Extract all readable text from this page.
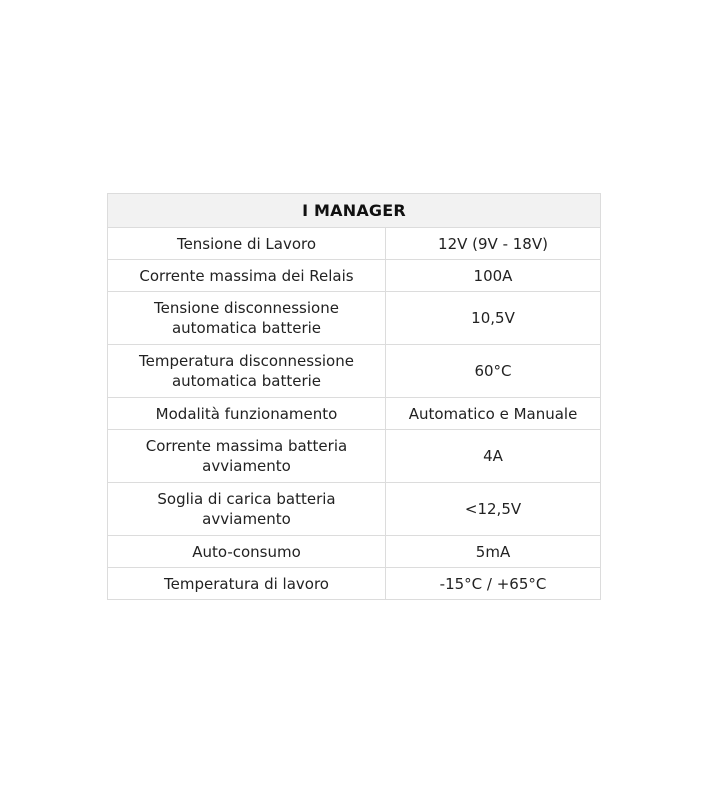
I MANAGER	
Tensione di Lavoro	12V (9V - 18V)
Corrente massima dei Relais	100A
Tensione disconnessione automatica batterie	10,5V
Temperatura disconnessione automatica batterie	60°C
Modalità funzionamento	Automatico e Manuale
Corrente massima batteria avviamento	4A
Soglia di carica batteria avviamento	<12,5V
Auto-consumo	5mA
Temperatura di lavoro	-15°C / +65°C
